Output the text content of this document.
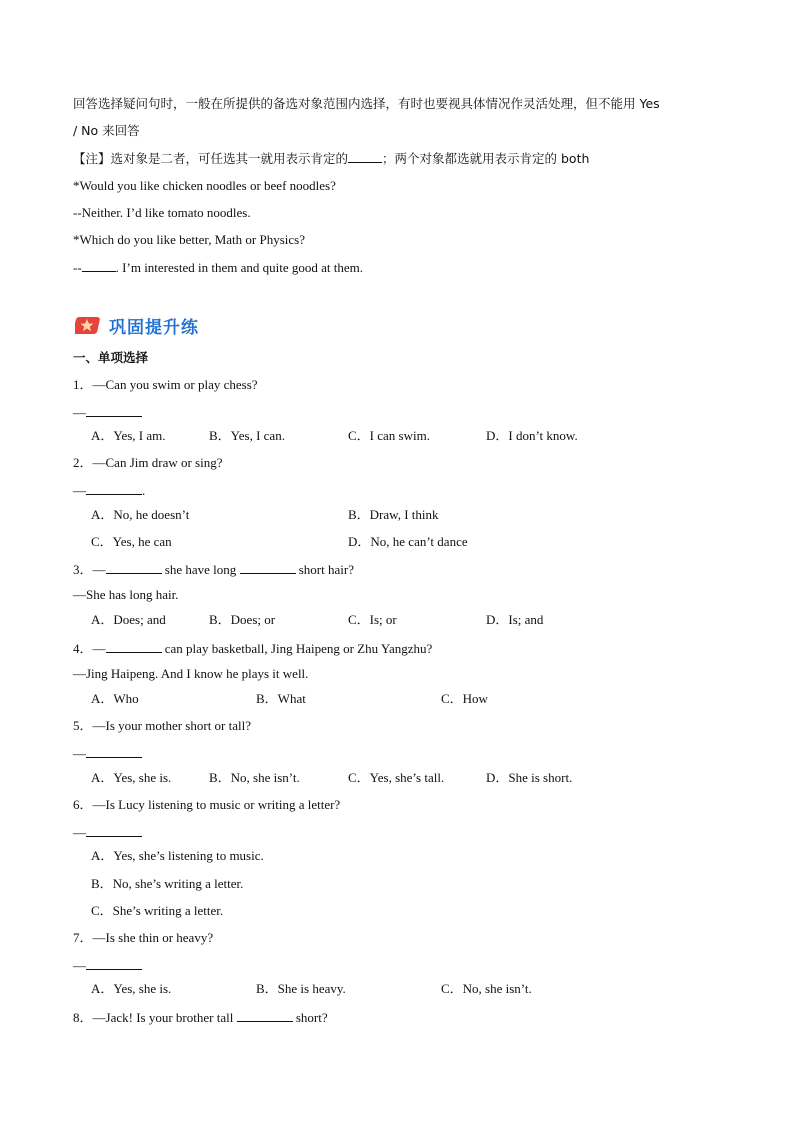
回答选择疑问句时，一般在所提供的备选对象范围内选择，有时也要视具体情况作灵活处理，但不能用 Yes
/ No 来回答
【注】选对象是二者，可任选其一就用表示肯定的	；两个对象都选就用表示肯定的 both
*Would you like chicken noodles or beef noodles?
--Neither. I’d like tomato noodles.
*Which do you like better, Math or Physics?
--	. I’m interested in them and quite good at them.
巩固提升练
一、单项选择
1．—Can you swim or play chess?
—
A．Yes, I am.	B．Yes, I can.	C．I can swim.	D．I don’t know.
2．—Can Jim draw or sing?
—	.
A．No, he doesn’t	B．Draw, I think
C．Yes, he can	D．No, he can’t dance
3．—	she have long	short hair?
—She has long hair.
A．Does; and	B．Does; or	C．Is; or	D．Is; and
4．—	can play basketball, Jing Haipeng or Zhu Yangzhu?
—Jing Haipeng. And I know he plays it well.
A．Who	B．What	C．How
5．—Is your mother short or tall?
—
A．Yes, she is.	B．No, she isn’t.	C．Yes, she’s tall.	D．She is short.
6．—Is Lucy listening to music or writing a letter?
—
A．Yes, she’s listening to music.
B．No, she’s writing a letter.
C．She’s writing a letter.
7．—Is she thin or heavy?
—
A．Yes, she is.	B．She is heavy.	C．No, she isn’t.
8．—Jack! Is your brother tall	short?
